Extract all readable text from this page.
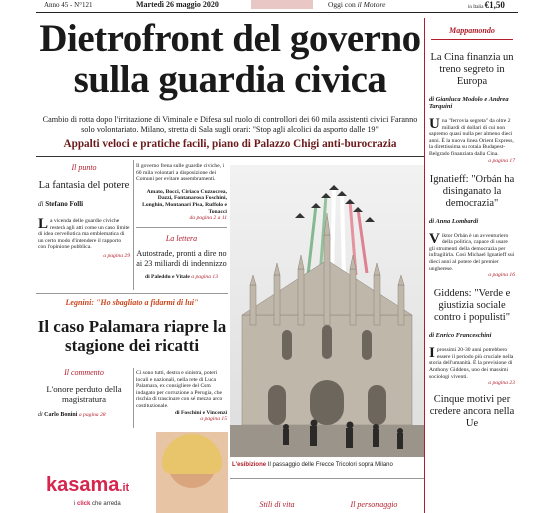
Anno 45 - N°121	Martedì 26 maggio 2020	Oggi con il Motore	in Italia €1,50
Dietrofront del governo
sulla guardia civica
Cambio di rotta dopo l'irritazione di Viminale e Difesa sul ruolo di controllori dei 60 mila assistenti civici Faranno solo volontariato. Milano, stretta di Sala sugli orari: "Stop agli alcolici da asporto dalle 19"
Appalti veloci e pratiche facili, piano di Palazzo Chigi anti-burocrazia
Il punto
La fantasia del potere
di Stefano Folli
La vicenda delle guardie civiche resterà agli atti come un caso limite di idea cervellotica ma emblematica di un certo modo d'intendere il rapporto con l'opinione pubblica.
a pagina 29
Il governo frena sulle guardie civiche, i 60 mila volontari a disposizione dei Comuni per evitare assembramenti.
Amato, Bocci, Ciriaco Cuzzocrea, Dazzi, Fontanarosa Foschini, Longhin, Montanari Pisa, Ruffolo e Tonacci
da pagina 2 a 11
La lettera
Autostrade, pronti a dire no ai 23 miliardi di indennizzo
di Paleddu e Vitale a pagina 13
Legnini: "Ho sbagliato a fidarmi di lui"
Il caso Palamara riapre la stagione dei ricatti
Il commento
L'onore perduto della magistratura
di Carlo Bonini a pagina 28
Ci sono tutti, destra e sinistra, poteri locali e nazionali, nella rete di Luca Palamara, ex consigliere del Csm indagato per corruzione a Perugia, che rischia di trascinare con sé mezzo arco costituzionale.
di Foschini e Vincenzi
a pagina 15
kasama.it
i click che arreda
L'esibizione Il passaggio delle Frecce Tricolori sopra Milano
Stili di vita	Il personaggio
Mappamondo
La Cina finanzia un treno segreto in Europa
di Gianluca Modolo e Andrea Tarquini
Una "ferrovia segreta" da oltre 2 miliardi di dollari di cui non sapremo quasi nulla per almeno dieci anni. È la nuova linea Orient Express, la direttissima su rotaia Budapest-Belgrado finanziata dalla Cina.
a pagina 17
Ignatieff: "Orbán ha disinganato la democrazia"
di Anna Lombardi
Viktor Orbán è un avventuriero della politica, capace di usare gli strumenti della democrazia per infragilirla. Così Michael Ignatieff sui dieci anni al potere del premier ungherese.
a pagina 16
Giddens: "Verde e giustizia sociale contro i populisti"
di Enrico Franceschini
Iprossimi 20-30 anni potrebbero essere il periodo più cruciale nella storia dell'umanità. È la previsione di Anthony Giddens, uno dei massimi sociologi viventi.
a pagina 23
Cinque motivi per credere ancora nella Ue
